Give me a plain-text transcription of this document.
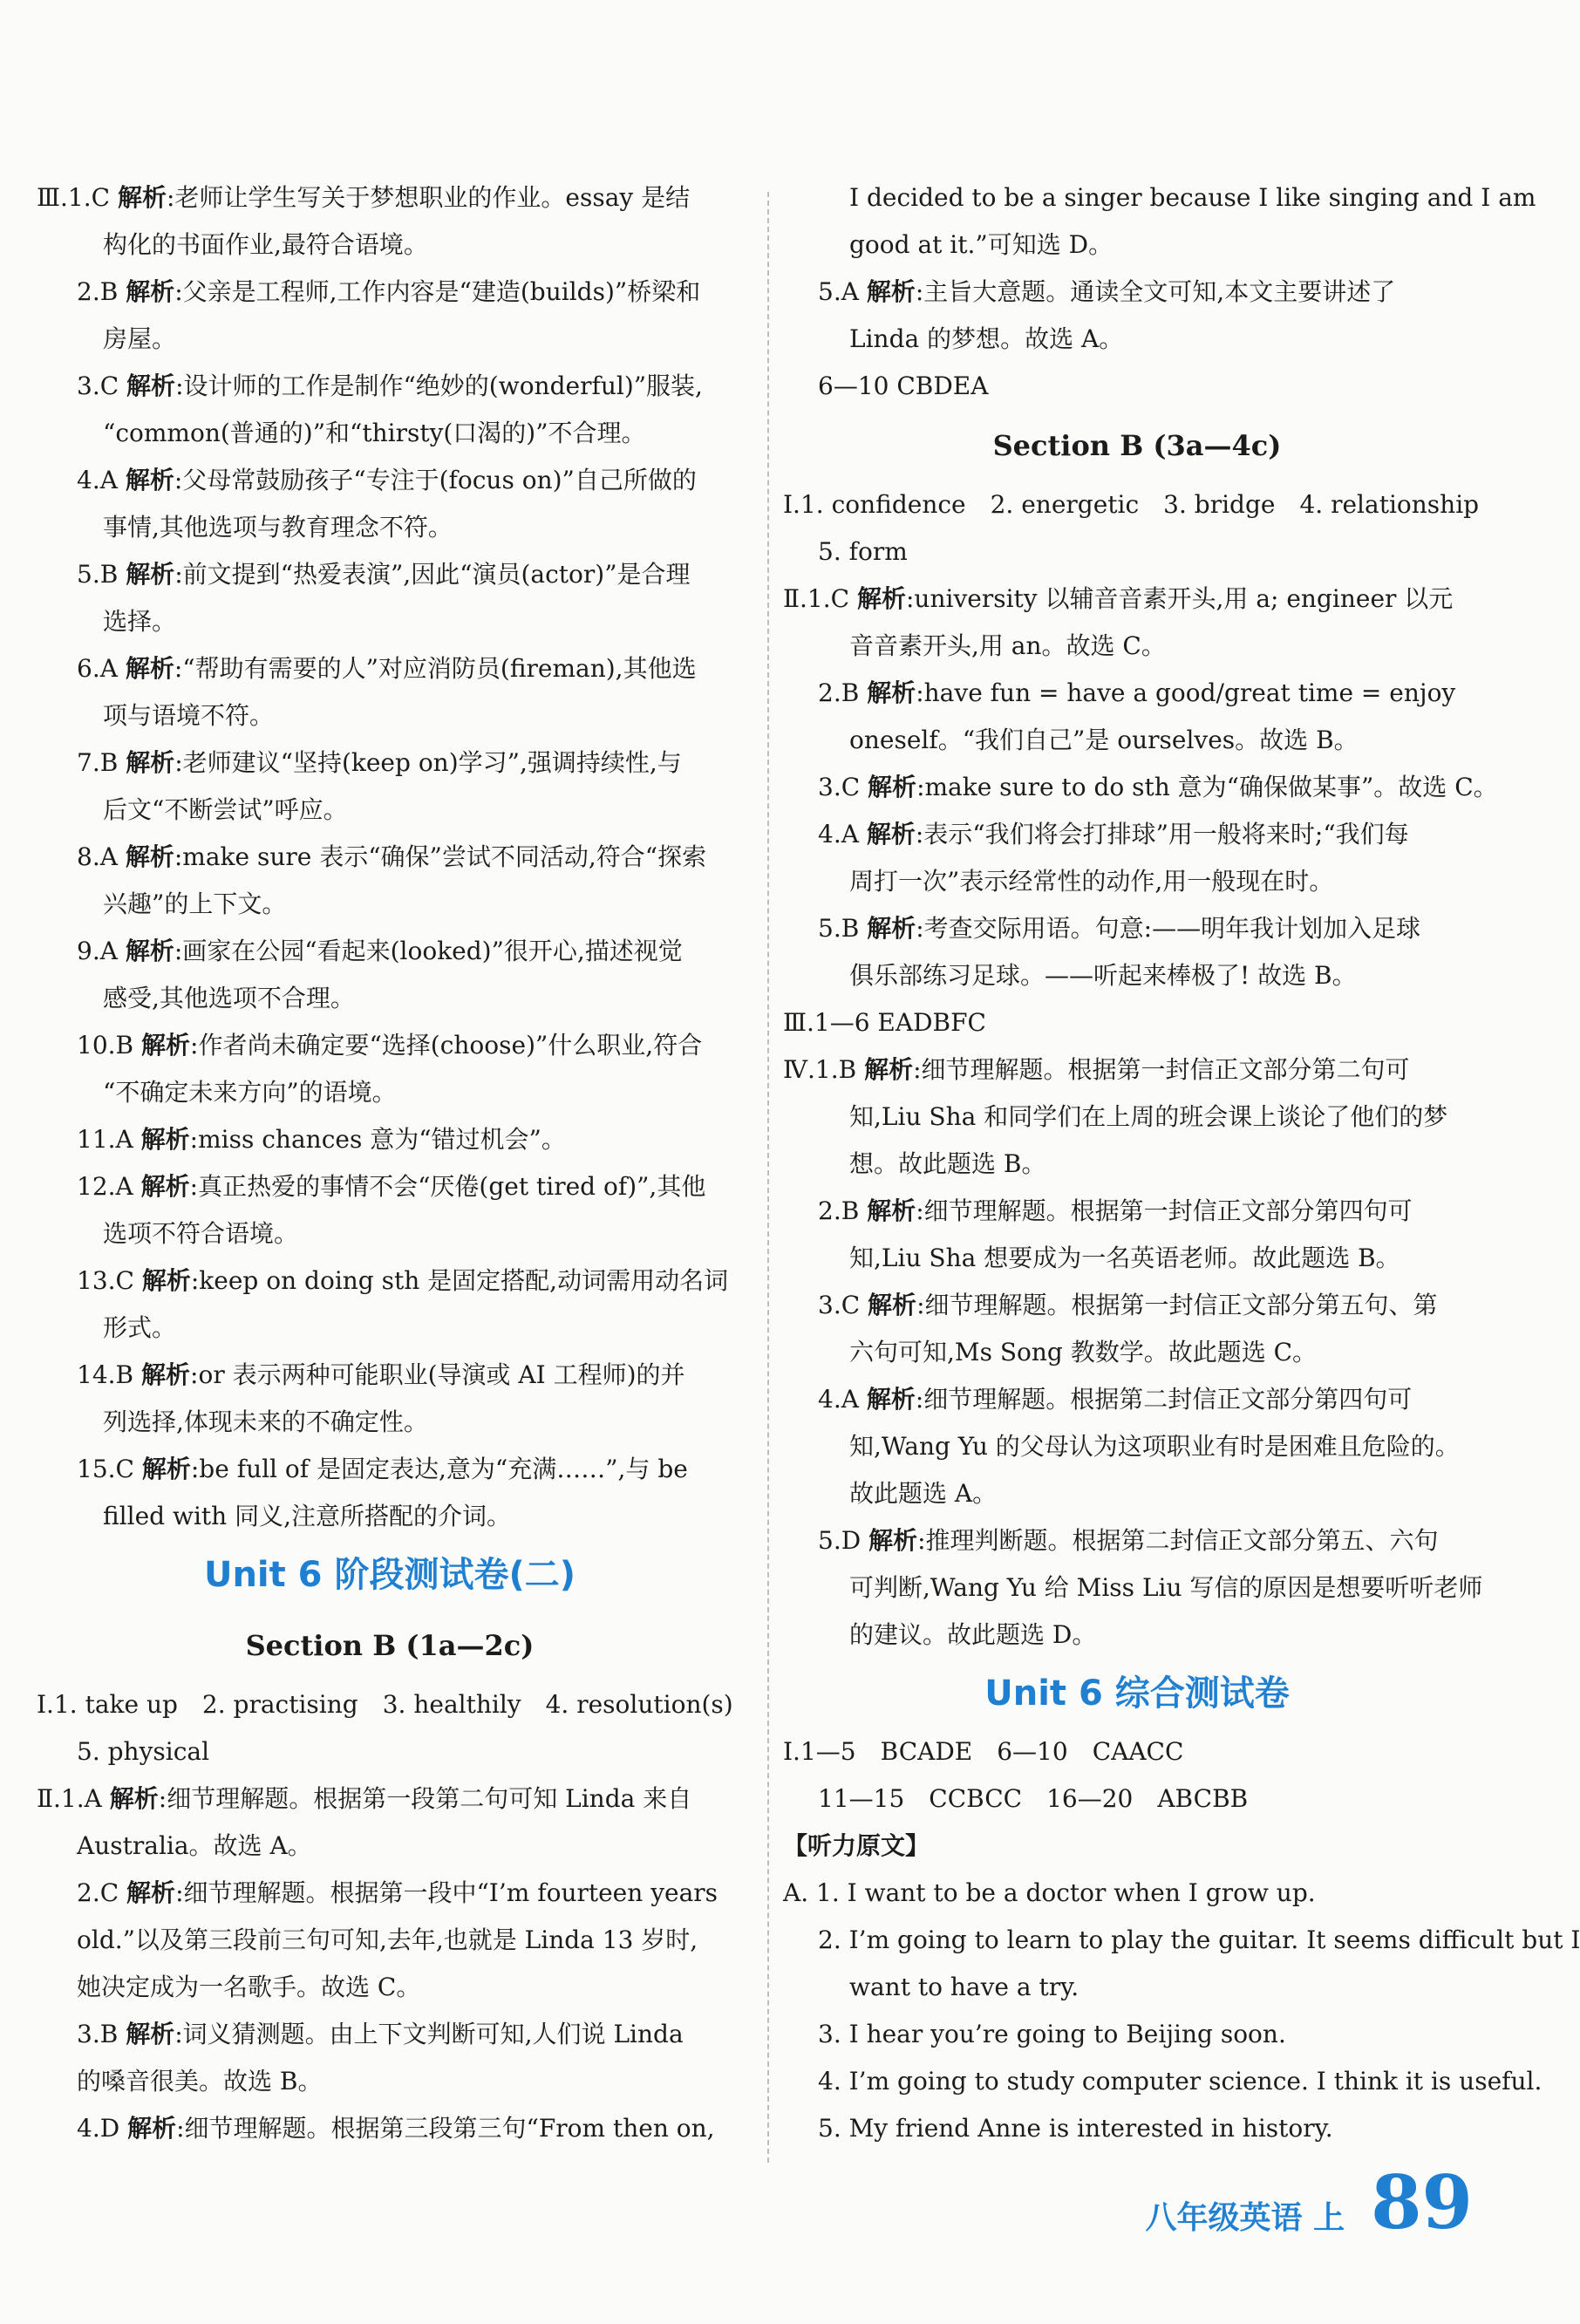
Ⅲ.1.C 解析:老师让学生写关于梦想职业的作业。essay 是结
构化的书面作业,最符合语境。
2.B 解析:父亲是工程师,工作内容是“建造(builds)”桥梁和
房屋。
3.C 解析:设计师的工作是制作“绝妙的(wonderful)”服装,
“common(普通的)”和“thirsty(口渴的)”不合理。
4.A 解析:父母常鼓励孩子“专注于(focus on)”自己所做的
事情,其他选项与教育理念不符。
5.B 解析:前文提到“热爱表演”,因此“演员(actor)”是合理
选择。
6.A 解析:“帮助有需要的人”对应消防员(fireman),其他选
项与语境不符。
7.B 解析:老师建议“坚持(keep on)学习”,强调持续性,与
后文“不断尝试”呼应。
8.A 解析:make sure 表示“确保”尝试不同活动,符合“探索
兴趣”的上下文。
9.A 解析:画家在公园“看起来(looked)”很开心,描述视觉
感受,其他选项不合理。
10.B 解析:作者尚未确定要“选择(choose)”什么职业,符合
“不确定未来方向”的语境。
11.A 解析:miss chances 意为“错过机会”。
12.A 解析:真正热爱的事情不会“厌倦(get tired of)”,其他
选项不符合语境。
13.C 解析:keep on doing sth 是固定搭配,动词需用动名词
形式。
14.B 解析:or 表示两种可能职业(导演或 AI 工程师)的并
列选择,体现未来的不确定性。
15.C 解析:be full of 是固定表达,意为“充满……”,与 be
filled with 同义,注意所搭配的介词。
Unit 6 阶段测试卷(二)
Section B (1a—2c)
Ⅰ.1. take up 2. practising 3. healthily 4. resolution(s)
5. physical
Ⅱ.1.A 解析:细节理解题。根据第一段第二句可知 Linda 来自
Australia。故选 A。
2.C 解析:细节理解题。根据第一段中“I’m fourteen years
old.”以及第三段前三句可知,去年,也就是 Linda 13 岁时,
她决定成为一名歌手。故选 C。
3.B 解析:词义猜测题。由上下文判断可知,人们说 Linda
的嗓音很美。故选 B。
4.D 解析:细节理解题。根据第三段第三句“From then on,
I decided to be a singer because I like singing and I am
good at it.”可知选 D。
5.A 解析:主旨大意题。通读全文可知,本文主要讲述了
Linda 的梦想。故选 A。
6—10 CBDEA
Section B (3a—4c)
Ⅰ.1. confidence 2. energetic 3. bridge 4. relationship
5. form
Ⅱ.1.C 解析:university 以辅音音素开头,用 a; engineer 以元
音音素开头,用 an。故选 C。
2.B 解析:have fun = have a good/great time = enjoy
oneself。“我们自己”是 ourselves。故选 B。
3.C 解析:make sure to do sth 意为“确保做某事”。故选 C。
4.A 解析:表示“我们将会打排球”用一般将来时;“我们每
周打一次”表示经常性的动作,用一般现在时。
5.B 解析:考查交际用语。句意:——明年我计划加入足球
俱乐部练习足球。——听起来棒极了! 故选 B。
Ⅲ.1—6 EADBFC
Ⅳ.1.B 解析:细节理解题。根据第一封信正文部分第二句可
知,Liu Sha 和同学们在上周的班会课上谈论了他们的梦
想。故此题选 B。
2.B 解析:细节理解题。根据第一封信正文部分第四句可
知,Liu Sha 想要成为一名英语老师。故此题选 B。
3.C 解析:细节理解题。根据第一封信正文部分第五句、第
六句可知,Ms Song 教数学。故此题选 C。
4.A 解析:细节理解题。根据第二封信正文部分第四句可
知,Wang Yu 的父母认为这项职业有时是困难且危险的。
故此题选 A。
5.D 解析:推理判断题。根据第二封信正文部分第五、六句
可判断,Wang Yu 给 Miss Liu 写信的原因是想要听听老师
的建议。故此题选 D。
Unit 6 综合测试卷
Ⅰ.1—5 BCADE 6—10 CAACC
11—15 CCBCC 16—20 ABCBB
【听力原文】
A. 1. I want to be a doctor when I grow up.
2. I’m going to learn to play the guitar. It seems difficult but I
want to have a try.
3. I hear you’re going to Beijing soon.
4. I’m going to study computer science. I think it is useful.
5. My friend Anne is interested in history.
八年级英语 上 89
